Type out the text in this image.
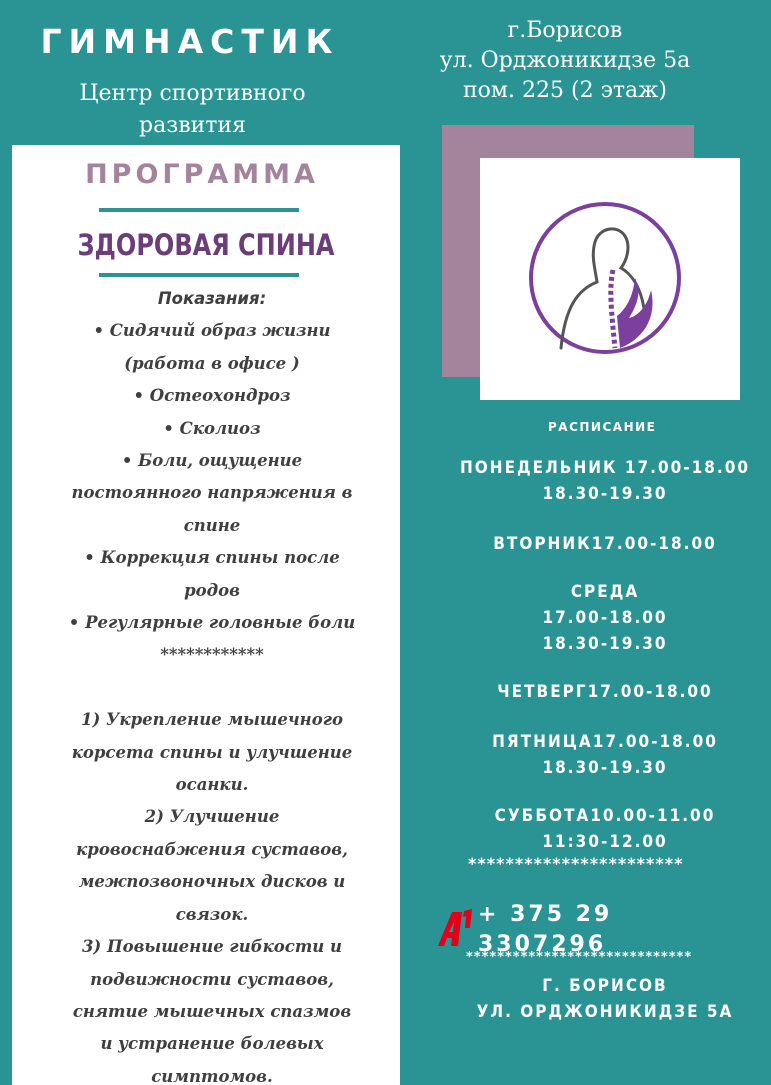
ГИМНАСТИК
Центр спортивного
развития
г.Борисов
ул. Орджоникидзе 5а
пом. 225 (2 этаж)
ПРОГРАММА
ЗДОРОВАЯ СПИНА
Показания:
• Сидячий образ жизни
(работа в офисе )
• Остеохондроз
• Сколиоз
• Боли, ощущение
постоянного напряжения в
спине
• Коррекция спины после
родов
• Регулярные головные боли
************
1) Укрепление мышечного
корсета спины и улучшение
осанки.
2) Улучшение
кровоснабжения суставов,
межпозвоночных дисков и
связок.
3) Повышение гибкости и
подвижности суставов,
снятие мышечных спазмов
и устранение болевых
симптомов.
РАСПИСАНИЕ
ПОНЕДЕЛЬНИК 17.00-18.00
18.30-19.30
ВТОРНИК17.00-18.00
СРЕДА
17.00-18.00
18.30-19.30
ЧЕТВЕРГ17.00-18.00
ПЯТНИЦА17.00-18.00
18.30-19.30
СУББОТА10.00-11.00
11:30-12.00
***********************
+ 375 29 3307296
*****************************
Г. БОРИСОВ
УЛ. ОРДЖОНИКИДЗЕ 5А
